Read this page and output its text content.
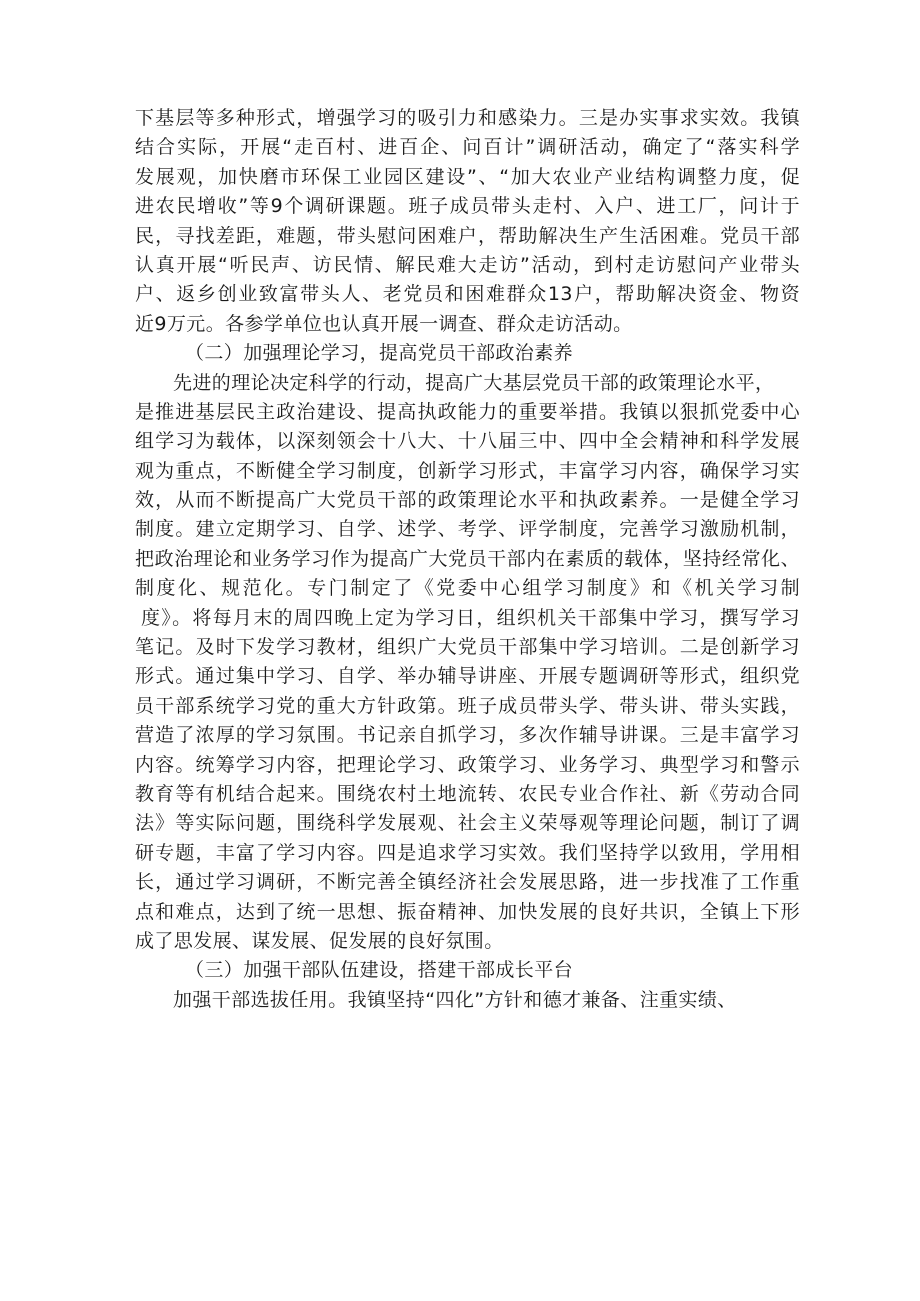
下基层等多种形式，增强学习的吸引力和感染力。三是办实事求实效。我镇
结合实际，开展“走百村、进百企、问百计”调研活动，确定了“落实科学
发展观，加快磨市环保工业园区建设”、“加大农业产业结构调整力度，促
进农民增收”等9个调研课题。班子成员带头走村、入户、进工厂，问计于
民，寻找差距，难题，带头慰问困难户，帮助解决生产生活困难。党员干部
认真开展“听民声、访民情、解民难大走访”活动，到村走访慰问产业带头
户、返乡创业致富带头人、老党员和困难群众13户，帮助解决资金、物资
近9万元。各参学单位也认真开展一调查、群众走访活动。
（二）加强理论学习，提高党员干部政治素养
先进的理论决定科学的行动，提高广大基层党员干部的政策理论水平，
是推进基层民主政治建设、提高执政能力的重要举措。我镇以狠抓党委中心
组学习为载体，以深刻领会十八大、十八届三中、四中全会精神和科学发展
观为重点，不断健全学习制度，创新学习形式，丰富学习内容，确保学习实
效，从而不断提高广大党员干部的政策理论水平和执政素养。一是健全学习
制度。建立定期学习、自学、述学、考学、评学制度，完善学习激励机制，
把政治理论和业务学习作为提高广大党员干部内在素质的载体，坚持经常化、
制度化、规范化。专门制定了《党委中心组学习制度》和《机关学习制
度》。将每月末的周四晚上定为学习日，组织机关干部集中学习，撰写学习
笔记。及时下发学习教材，组织广大党员干部集中学习培训。二是创新学习
形式。通过集中学习、自学、举办辅导讲座、开展专题调研等形式，组织党
员干部系统学习党的重大方针政第。班子成员带头学、带头讲、带头实践，
营造了浓厚的学习氛围。书记亲自抓学习，多次作辅导讲课。三是丰富学习
内容。统筹学习内容，把理论学习、政策学习、业务学习、典型学习和警示
教育等有机结合起来。围绕农村土地流转、农民专业合作社、新《劳动合同
法》等实际问题，围绕科学发展观、社会主义荣辱观等理论问题，制订了调
研专题，丰富了学习内容。四是追求学习实效。我们坚持学以致用，学用相
长，通过学习调研，不断完善全镇经济社会发展思路，进一步找准了工作重
点和难点，达到了统一思想、振奋精神、加快发展的良好共识，全镇上下形
成了思发展、谋发展、促发展的良好氛围。
（三）加强干部队伍建设，搭建干部成长平台
加强干部选拔任用。我镇坚持“四化”方针和德才兼备、注重实绩、
